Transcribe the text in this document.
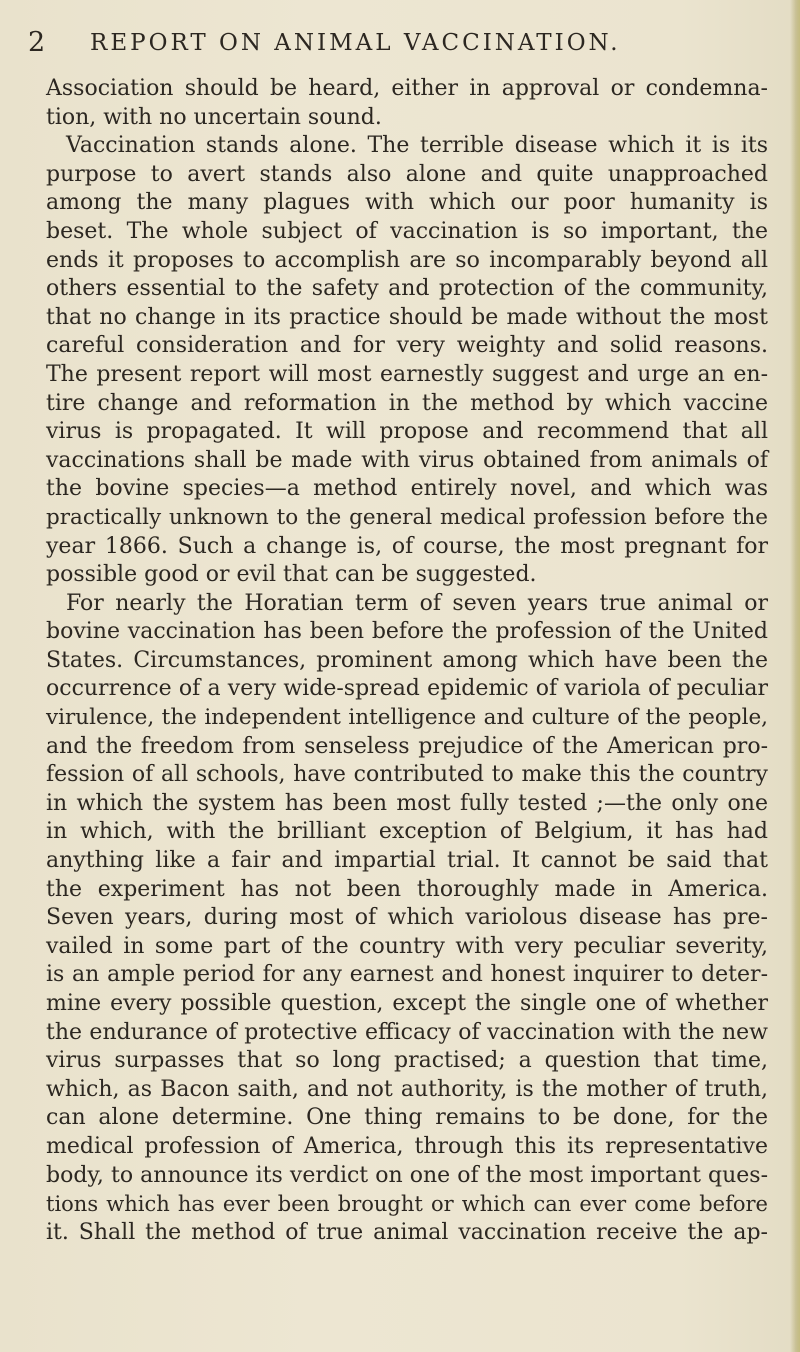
2 REPORT ON ANIMAL VACCINATION.
Association should be heard, either in approval or condemna-
tion, with no uncertain sound.
Vaccination stands alone. The terrible disease which it is its
purpose to avert stands also alone and quite unapproached
among the many plagues with which our poor humanity is
beset. The whole subject of vaccination is so important, the
ends it proposes to accomplish are so incomparably beyond all
others essential to the safety and protection of the community,
that no change in its practice should be made without the most
careful consideration and for very weighty and solid reasons.
The present report will most earnestly suggest and urge an en-
tire change and reformation in the method by which vaccine
virus is propagated. It will propose and recommend that all
vaccinations shall be made with virus obtained from animals of
the bovine species—a method entirely novel, and which was
practically unknown to the general medical profession before the
year 1866. Such a change is, of course, the most pregnant for
possible good or evil that can be suggested.
For nearly the Horatian term of seven years true animal or
bovine vaccination has been before the profession of the United
States. Circumstances, prominent among which have been the
occurrence of a very wide-spread epidemic of variola of peculiar
virulence, the independent intelligence and culture of the people,
and the freedom from senseless prejudice of the American pro-
fession of all schools, have contributed to make this the country
in which the system has been most fully tested ;—the only one
in which, with the brilliant exception of Belgium, it has had
anything like a fair and impartial trial. It cannot be said that
the experiment has not been thoroughly made in America.
Seven years, during most of which variolous disease has pre-
vailed in some part of the country with very peculiar severity,
is an ample period for any earnest and honest inquirer to deter-
mine every possible question, except the single one of whether
the endurance of protective efficacy of vaccination with the new
virus surpasses that so long practised; a question that time,
which, as Bacon saith, and not authority, is the mother of truth,
can alone determine. One thing remains to be done, for the
medical profession of America, through this its representative
body, to announce its verdict on one of the most important ques-
tions which has ever been brought or which can ever come before
it. Shall the method of true animal vaccination receive the ap-
